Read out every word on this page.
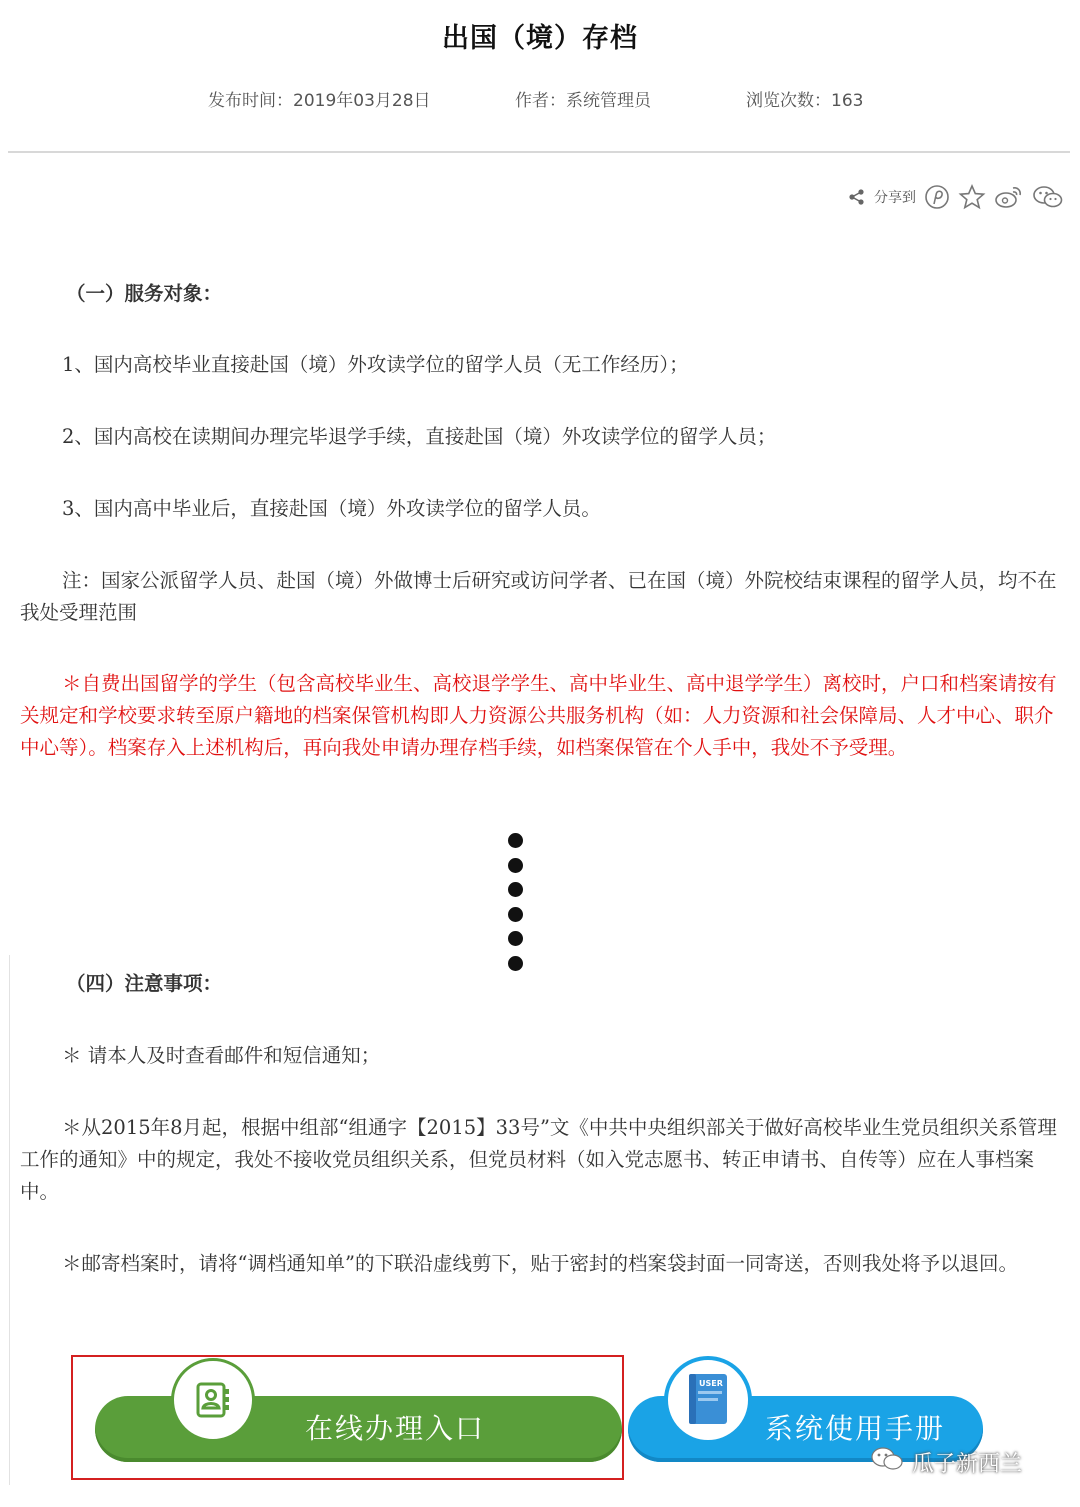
出国（境）存档
发布时间：2019年03月28日	作者：系统管理员	浏览次数：163
分享到

（一）服务对象：

1、国内高校毕业直接赴国（境）外攻读学位的留学人员（无工作经历）；

2、国内高校在读期间办理完毕退学手续，直接赴国（境）外攻读学位的留学人员；

3、国内高中毕业后，直接赴国（境）外攻读学位的留学人员。

注：国家公派留学人员、赴国（境）外做博士后研究或访问学者、已在国（境）外院校结束课程的留学人员，均不在我处受理范围

＊自费出国留学的学生（包含高校毕业生、高校退学学生、高中毕业生、高中退学学生）离校时，户口和档案请按有关规定和学校要求转至原户籍地的档案保管机构即人力资源公共服务机构（如：人力资源和社会保障局、人才中心、职介中心等）。档案存入上述机构后，再向我处申请办理存档手续，如档案保管在个人手中，我处不予受理。

（四）注意事项：

＊ 请本人及时查看邮件和短信通知；

＊从2015年8月起，根据中组部“组通字【2015】33号”文《中共中央组织部关于做好高校毕业生党员组织关系管理工作的通知》中的规定，我处不接收党员组织关系，但党员材料（如入党志愿书、转正申请书、自传等）应在人事档案中。

＊邮寄档案时，请将“调档通知单”的下联沿虚线剪下，贴于密封的档案袋封面一同寄送，否则我处将予以退回。

在线办理入口	系统使用手册
USER
瓜子新西兰
